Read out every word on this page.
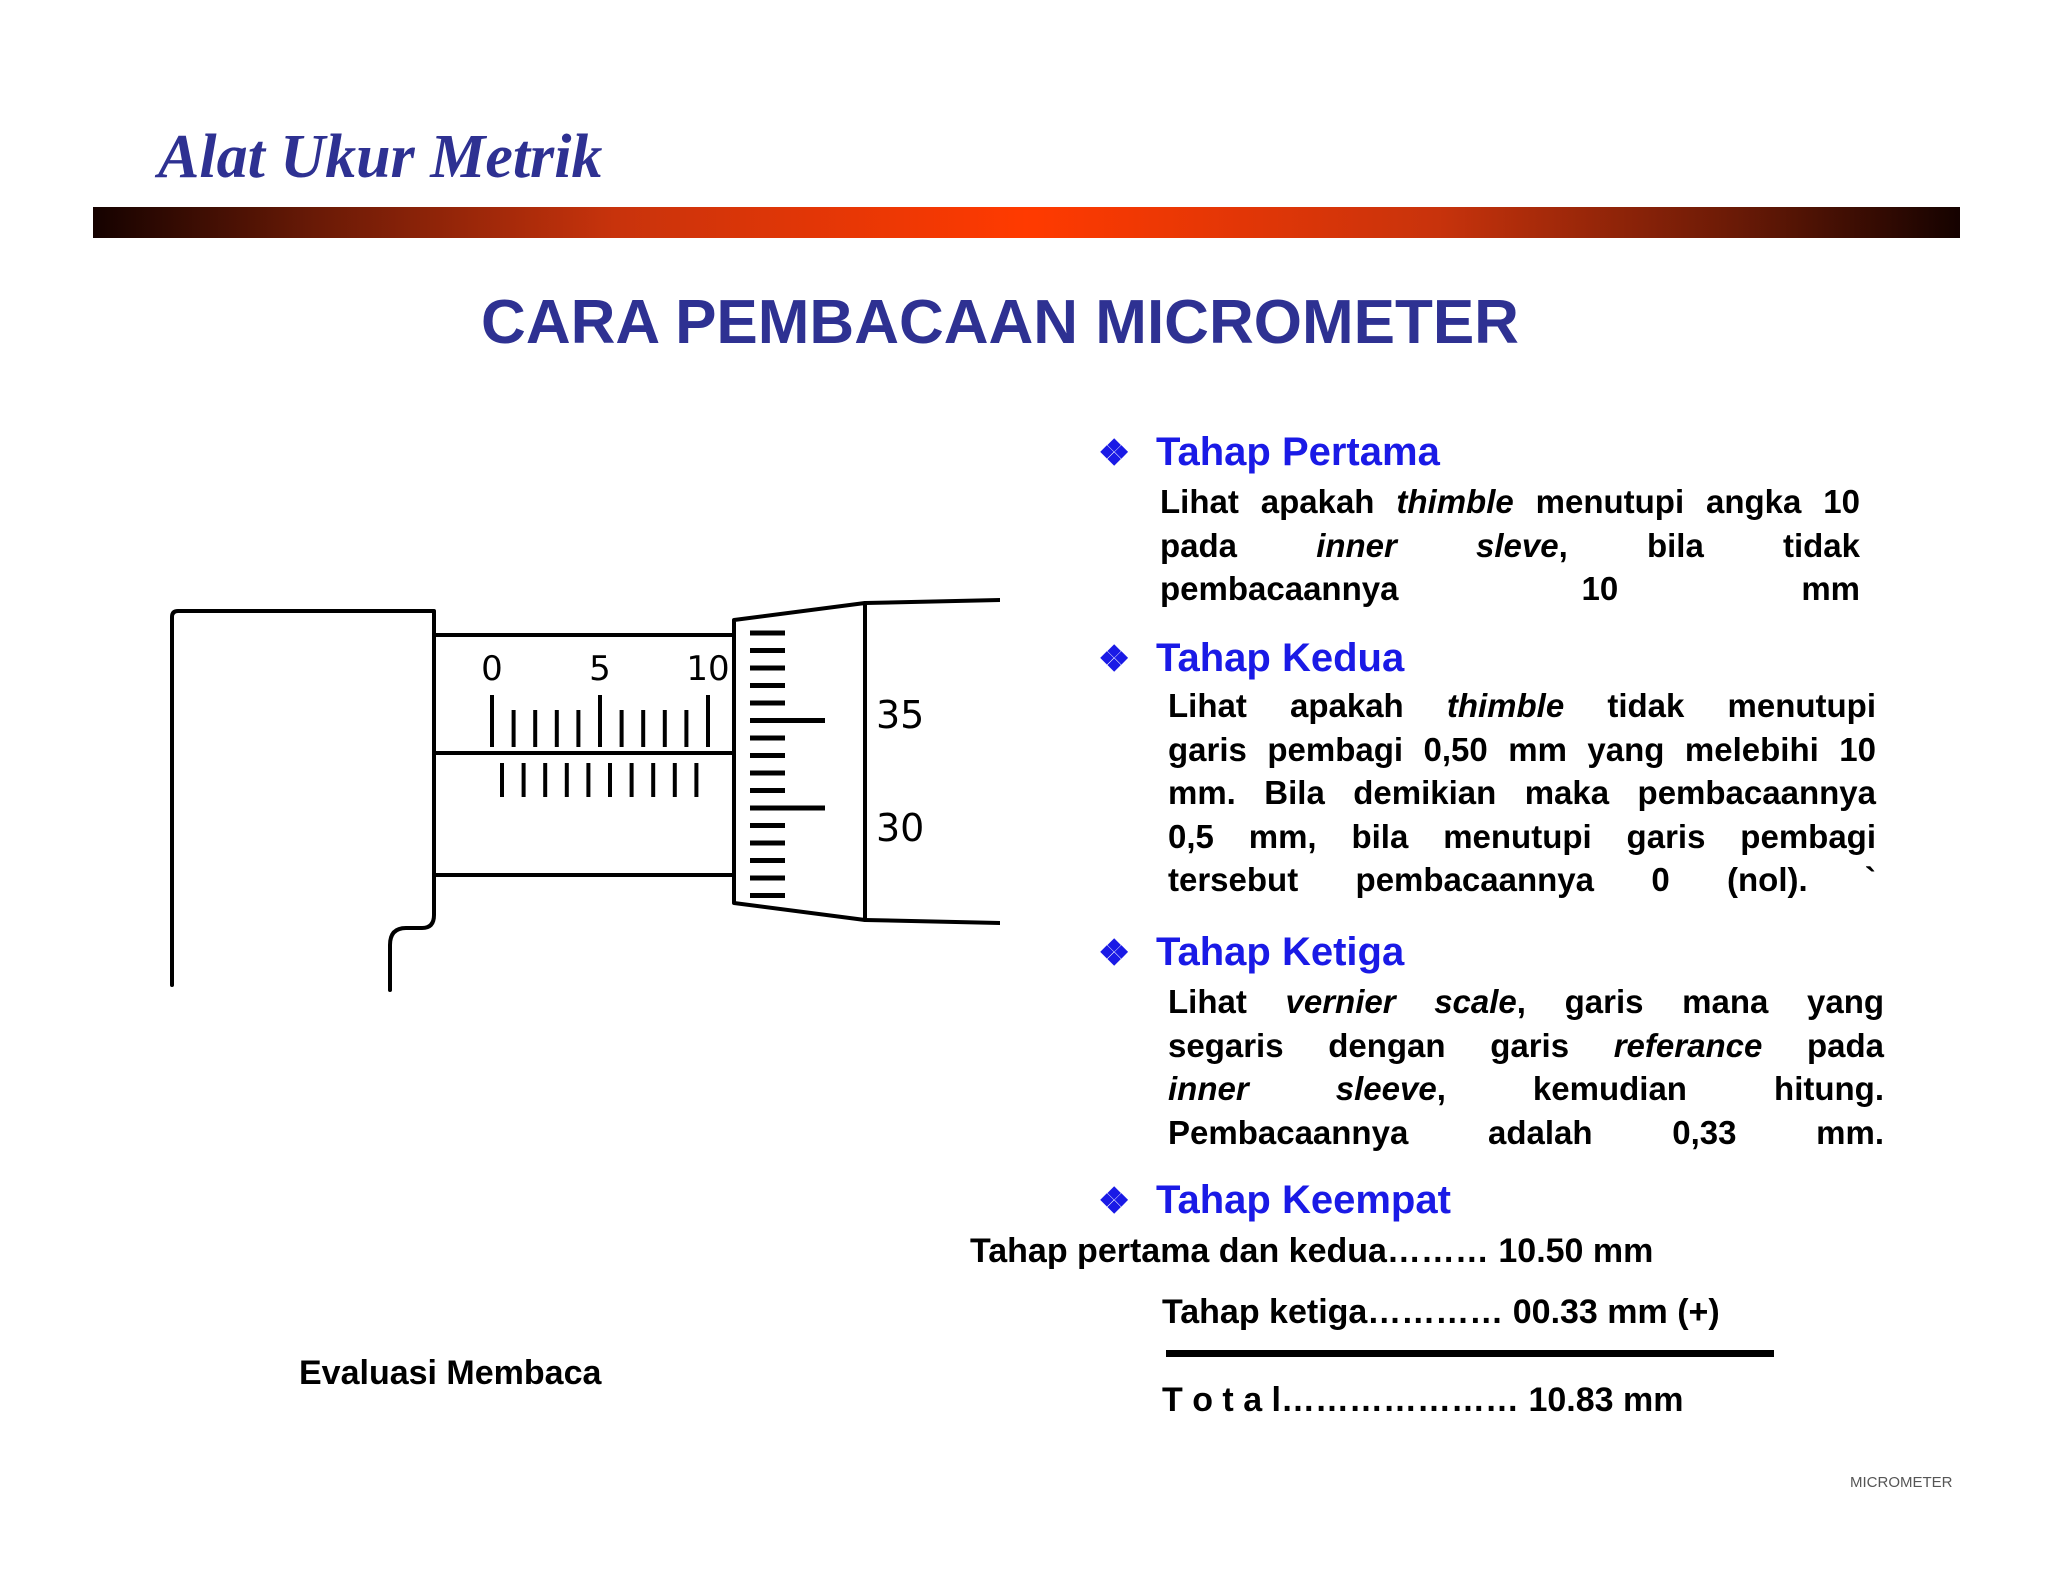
Alat Ukur Metrik
CARA PEMBACAAN MICROMETER
0	5 10
35
30
❖ Tahap Pertama
Lihat apakah thimble menutupi angka 10
pada inner sleve, bila tidak
pembacaannya 10 mm
❖ Tahap Kedua
Lihat apakah thimble tidak menutupi
garis pembagi 0,50 mm yang melebihi 10
mm. Bila demikian maka pembacaannya
0,5 mm, bila menutupi garis pembagi
tersebut pembacaannya 0 (nol). `
❖ Tahap Ketiga
Lihat vernier scale, garis mana yang
segaris dengan garis referance pada
inner sleeve, kemudian hitung.
Pembacaannya adalah 0,33 mm.
❖ Tahap Keempat
Tahap pertama dan kedua……… 10.50 mm
Tahap ketiga………… 00.33 mm (+)
T o t a l………………… 10.83 mm
Evaluasi Membaca
MICROMETER
